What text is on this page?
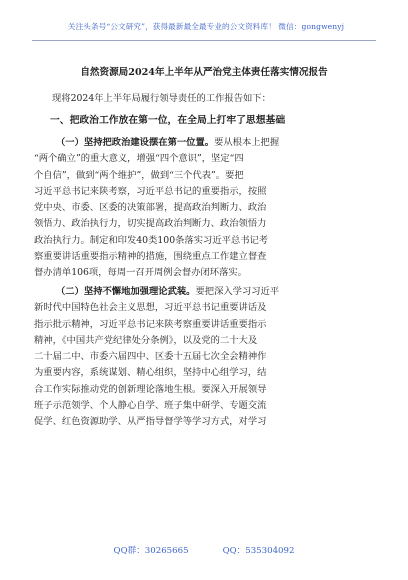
关注头条号“公文研究”，获得最新最全最专业的公文资料库！ 微信：gongwenyj
自然资源局2024年上半年从严治党主体责任落实情况报告

现将2024年上半年局履行领导责任的工作报告如下：

一、把政治工作放在第一位，在全局上打牢了思想基础
（一）坚持把政治建设摆在第一位置。要从根本上把握
“两个确立”的重大意义，增强“四个意识”，坚定“四
个自信”，做到“两个维护”，做到“三个代表”。要把
习近平总书记来陕考察，习近平总书记的重要指示，按照
党中央、市委、区委的决策部署，提高政治判断力、政治
领悟力、政治执行力，切实提高政治判断力、政治领悟力
政治执行力。制定和印发40类100条落实习近平总书记考
察重要讲话重要指示精神的措施，围绕重点工作建立督查
督办清单106项，每周一召开周例会督办闭环落实。
（二）坚持不懈地加强理论武装。要把深入学习习近平
新时代中国特色社会主义思想，习近平总书记重要讲话及
指示批示精神，习近平总书记来陕考察重要讲话重要指示
精神，《中国共产党纪律处分条例》，以及党的二十大及
二十届二中、市委六届四中、区委十五届七次全会精神作
为重要内容，系统谋划、精心组织，坚持中心组学习，结
合工作实际推动党的创新理论落地生根。要深入开展领导
班子示范领学、个人静心自学、班子集中研学、专题交流
促学、红色资源助学、从严指导督学等学习方式，对学习
QQ群：30265665	QQ：535304092
